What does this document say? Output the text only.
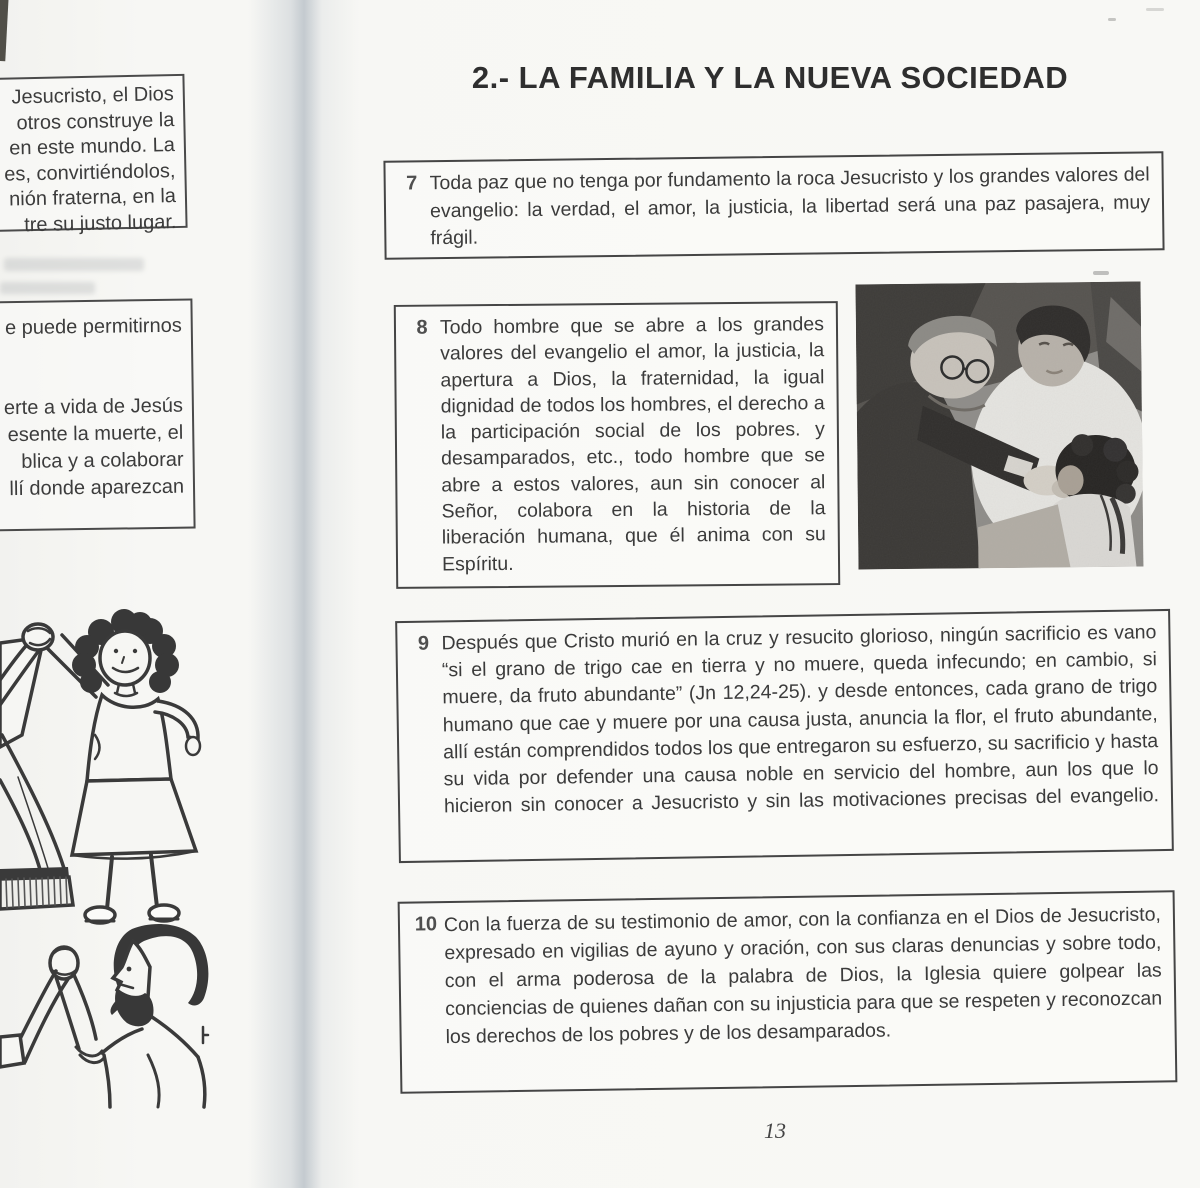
Jesucristo, el Dios
otros construye la
en este mundo. La
es, convirtiéndolos,
nión fraterna, en la
tre su justo lugar.
e puede permitirnos
erte a vida de Jesús
esente la muerte, el
blica y a colaborar
llí donde aparezcan
2.- LA FAMILIA Y LA NUEVA SOCIEDAD
7 Toda paz que no tenga por fundamento la roca Jesucristo y los grandes valores del evangelio: la verdad, el amor, la justicia, la libertad será una paz pasajera, muy frágil.
8 Todo hombre que se abre a los grandes valores del evangelio el amor, la justicia, la apertura a Dios, la fraternidad, la igual dignidad de todos los hombres, el derecho a la participación social de los pobres. y desamparados, etc., todo hombre que se abre a estos valores, aun sin conocer al Señor, colabora en la historia de la liberación humana, que él anima con su Espíritu.
9 Después que Cristo murió en la cruz y resucito glorioso, ningún sacrificio es vano “si el grano de trigo cae en tierra y no muere, queda infecundo; en cambio, si muere, da fruto abundante” (Jn 12,24-25). y desde entonces, cada grano de trigo humano que cae y muere por una causa justa, anuncia la flor, el fruto abundante, allí están comprendidos todos los que entregaron su esfuerzo, su sacrificio y hasta su vida por defender una causa noble en servicio del hombre, aun los que lo hicieron sin conocer a Jesucristo y sin las motivaciones precisas del evangelio.
10 Con la fuerza de su testimonio de amor, con la confianza en el Dios de Jesucristo, expresado en vigilias de ayuno y oración, con sus claras denuncias y sobre todo, con el arma poderosa de la palabra de Dios, la Iglesia quiere golpear las conciencias de quienes dañan con su injusticia para que se respeten y reconozcan los derechos de los pobres y de los desamparados.
13
